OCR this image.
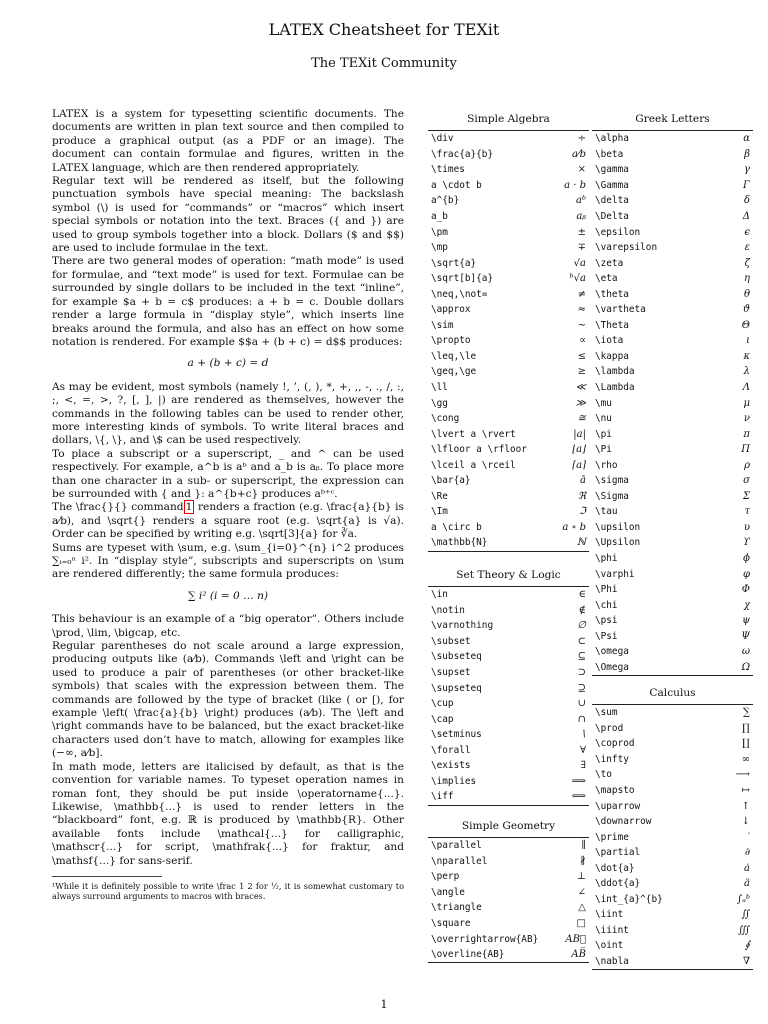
LATEX Cheatsheet for TEXit
The TEXit Community

LATEX is a system for typesetting scientific documents. The documents are written in plan text source and then compiled to produce a graphical output (as a PDF or an image). The document can contain formulae and figures, written in the LATEX language, which are then rendered appropriately.

Regular text will be rendered as itself, but the following punctuation symbols have special meaning: The backslash symbol (\) is used for “commands” or “macros” which insert special symbols or notation into the text. Braces ({ and }) are used to group symbols together into a block. Dollars ($ and $$) are used to include formulae in the text.

There are two general modes of operation: “math mode” is used for formulae, and “text mode” is used for text. Formulae can be surrounded by single dollars to be included in the text “inline”, for example $a + b = c$ produces: a + b = c. Double dollars render a large formula in “display style”, which inserts line breaks around the formula, and also has an effect on how some notation is rendered. For example $$a + (b + c) = d$$ produces:

a + (b + c) = d

As may be evident, most symbols (namely !, ’, (, ), *, +, ,, -, ., /, :, ;, <, =, >, ?, [, ], |) are rendered as themselves, however the commands in the following tables can be used to render other, more interesting kinds of symbols. To write literal braces and dollars, \{, \}, and \$ can be used respectively.

To place a subscript or a superscript, _ and ^ can be used respectively. For example, a^b is aᵇ and a_b is aᵦ. To place more than one character in a sub- or superscript, the expression can be surrounded with { and }: a^{b+c} produces aᵇ⁺ᶜ.

The \frac{}{} command 1 renders a fraction (e.g. \frac{a}{b} is a⁄b), and \sqrt{} renders a square root (e.g. \sqrt{a} is √a). Order can be specified by writing e.g. \sqrt[3]{a} for ∛a.

Sums are typeset with \sum, e.g. \sum_{i=0}^{n} i^2 produces ∑ᵢ₌₀ⁿ i². In “display style”, subscripts and superscripts on \sum are rendered differently; the same formula produces:

∑ i² (i = 0 … n)

This behaviour is an example of a “big operator”. Others include \prod, \lim, \bigcap, etc.

Regular parentheses do not scale around a large expression, producing outputs like (a⁄b). Commands \left and \right can be used to produce a pair of parentheses (or other bracket-like symbols) that scales with the expression between them. The commands are followed by the type of bracket (like ( or [), for example \left( \frac{a}{b} \right) produces (a⁄b). The \left and \right commands have to be balanced, but the exact bracket-like characters used don’t have to match, allowing for examples like (−∞, a⁄b].

In math mode, letters are italicised by default, as that is the convention for variable names. To typeset operation names in roman font, they should be put inside \operatorname{...}. Likewise, \mathbb{...} is used to render letters in the “blackboard” font, e.g. ℝ is produced by \mathbb{R}. Other available fonts include \mathcal{...} for calligraphic, \mathscr{...} for script, \mathfrak{...} for fraktur, and \mathsf{...} for sans-serif.

¹While it is definitely possible to write \frac 1 2 for ½, it is somewhat customary to always surround arguments to macros with braces.
Simple Algebra
\div	÷
\frac{a}{b}	a⁄b
\times	×
a \cdot b	a · b
a^{b}	aᵇ
a_b	aᵦ
\pm	±
\mp	∓
\sqrt{a}	√a
\sqrt[b]{a}	ᵇ√a
\neq,\not=	≠
\approx	≈
\sim	∼
\propto	∝
\leq,\le	≤
\geq,\ge	≥
\ll	≪
\gg	≫
\cong	≅
\lvert a \rvert	|a|
\lfloor a \rfloor	⌊a⌋
\lceil a \rceil	⌈a⌉
\bar{a}	ā
\Re	ℜ
\Im	ℑ
a \circ b	a ∘ b
\mathbb{N}	ℕ
Set Theory & Logic
\in	∈
\notin	∉
\varnothing	∅
\subset	⊂
\subseteq	⊆
\supset	⊃
\supseteq	⊇
\cup	∪
\cap	∩
\setminus	∖
\forall	∀
\exists	∃
\implies	⟹
\iff	⟺
Simple Geometry
\parallel	∥
\nparallel	∦
\perp	⊥
\angle	∠
\triangle	△
\square	□
\overrightarrow{AB}	AB⃗
\overline{AB}	AB̅
Greek Letters
\alpha	α
\beta	β
\gamma	γ
\Gamma	Γ
\delta	δ
\Delta	Δ
\epsilon	ϵ
\varepsilon	ε
\zeta	ζ
\eta	η
\theta	θ
\vartheta	ϑ
\Theta	Θ
\iota	ι
\kappa	κ
\lambda	λ
\Lambda	Λ
\mu	μ
\nu	ν
\pi	π
\Pi	Π
\rho	ρ
\sigma	σ
\Sigma	Σ
\tau	τ
\upsilon	υ
\Upsilon	ϒ
\phi	ϕ
\varphi	φ
\Phi	Φ
\chi	χ
\psi	ψ
\Psi	Ψ
\omega	ω
\Omega	Ω
Calculus
\sum	∑
\prod	∏
\coprod	∐
\infty	∞
\to	⟶
\mapsto	↦
\uparrow	↑
\downarrow	↓
\prime	′
\partial	∂
\dot{a}	ȧ
\ddot{a}	ä
\int_{a}^{b}	∫ₐᵇ
\iint	∬
\iiint	∭
\oint	∮
\nabla	∇
1
